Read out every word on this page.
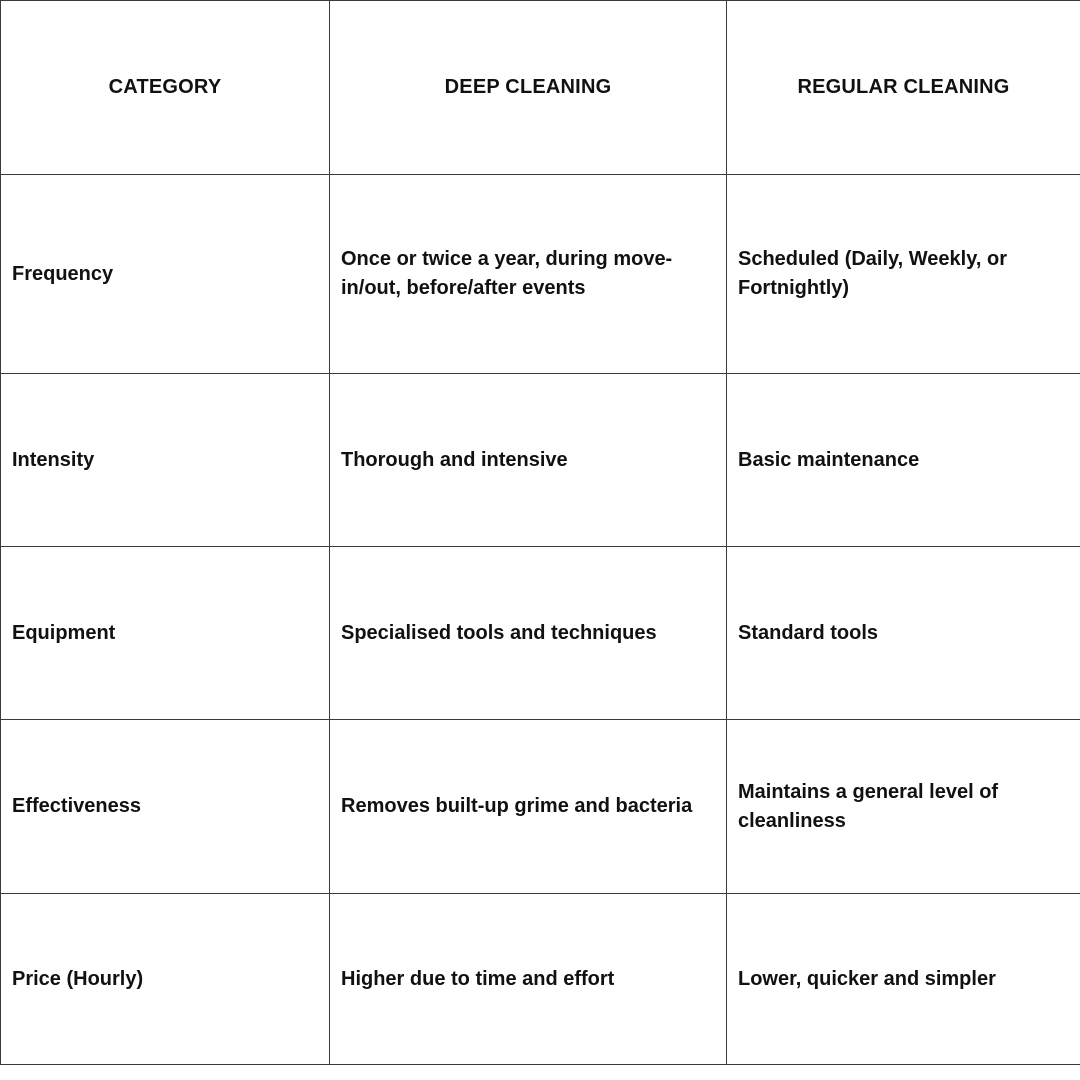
CATEGORY	DEEP CLEANING	REGULAR CLEANING
Frequency	Once or twice a year, during move-in/out, before/after events	Scheduled (Daily, Weekly, or Fortnightly)
Intensity	Thorough and intensive	Basic maintenance
Equipment	Specialised tools and techniques	Standard tools
Effectiveness	Removes built-up grime and bacteria	Maintains a general level of cleanliness
Price (Hourly)	Higher due to time and effort	Lower, quicker and simpler
